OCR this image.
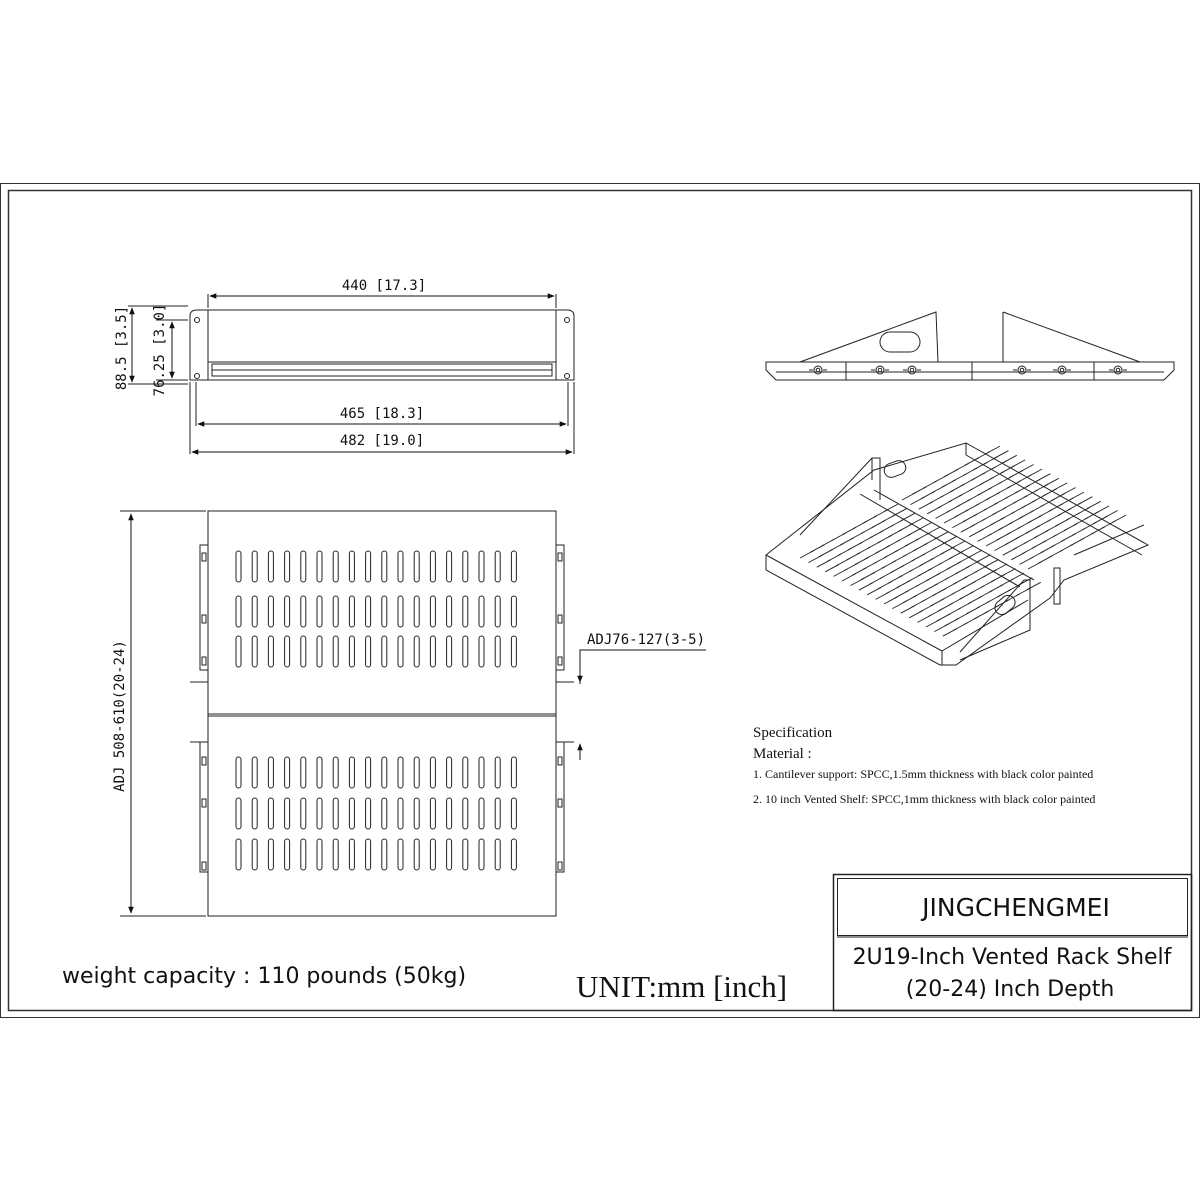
440 [17.3]
465 [18.3]
482 [19.0]
88.5 [3.5] 76.25 [3.0]
ADJ 508-610(20-24)
ADJ76-127(3-5)
Specification
Material :
1. Cantilever support: SPCC,1.5mm thickness with black color painted
2. 10 inch Vented Shelf: SPCC,1mm thickness with black color painted
weight capacity : 110 pounds (50kg)	UNIT:mm [inch]
JINGCHENGMEI
2U19-Inch Vented Rack Shelf
(20-24) Inch Depth
